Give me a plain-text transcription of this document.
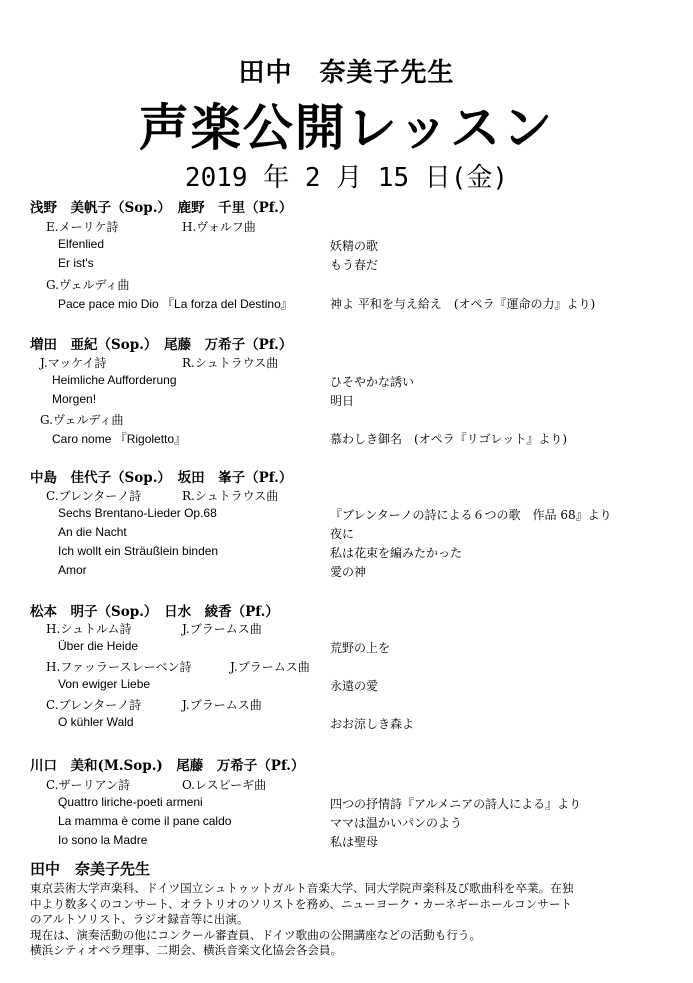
田中　奈美子先生
声楽公開レッスン
2019 年 2 月 15 日(金)
浅野　美帆子（Sop.）　鹿野　千里（Pf.）
E.メーリケ詩	H.ヴォルフ曲
Elfenlied	妖精の歌
Er ist's	もう春だ
G.ヴェルディ曲
Pace pace mio Dio 『La forza del Destino』	神よ 平和を与え給え　(オペラ『運命の力』より)
増田　亜紀（Sop.）　尾藤　万希子（Pf.）
J.マッケイ詩	R.シュトラウス曲
Heimliche Aufforderung	ひそやかな誘い
Morgen!	明日
G.ヴェルディ曲
Caro nome 『Rigoletto』	慕わしき御名　(オペラ『リゴレット』より)
中島　佳代子（Sop.）　坂田　峯子（Pf.）
C.ブレンターノ詩	R.シュトラウス曲
Sechs Brentano-Lieder Op.68	『ブレンターノの詩による６つの歌　作品 68』より
An die Nacht	夜に
Ich wollt ein Sträußlein binden	私は花束を編みたかった
Amor	愛の神
松本　明子（Sop.）　日水　綾香（Pf.）
H.シュトルム詩	J.ブラームス曲
Über die Heide	荒野の上を
H.ファッラースレーベン詩	J.ブラームス曲
Von ewiger Liebe	永遠の愛
C.ブレンターノ詩	J.ブラームス曲
O kühler Wald	おお涼しき森よ
川口　美和(M.Sop.)　尾藤　万希子（Pf.）
C.ザーリアン詩	O.レスピーギ曲
Quattro liriche-poeti armeni	四つの抒情詩『アルメニアの詩人による』より
La mamma è come il pane caldo	ママは温かいパンのよう
Io sono la Madre	私は聖母
田中　奈美子先生
東京芸術大学声楽科、ドイツ国立シュトゥットガルト音楽大学、同大学院声楽科及び歌曲科を卒業。在独
中より数多くのコンサート、オラトリオのソリストを務め、ニューヨーク・カーネギーホールコンサート
のアルトソリスト、ラジオ録音等に出演。
現在は、演奏活動の他にコンクール審査員、ドイツ歌曲の公開講座などの活動も行う。
横浜シティオペラ理事、二期会、横浜音楽文化協会各会員。
